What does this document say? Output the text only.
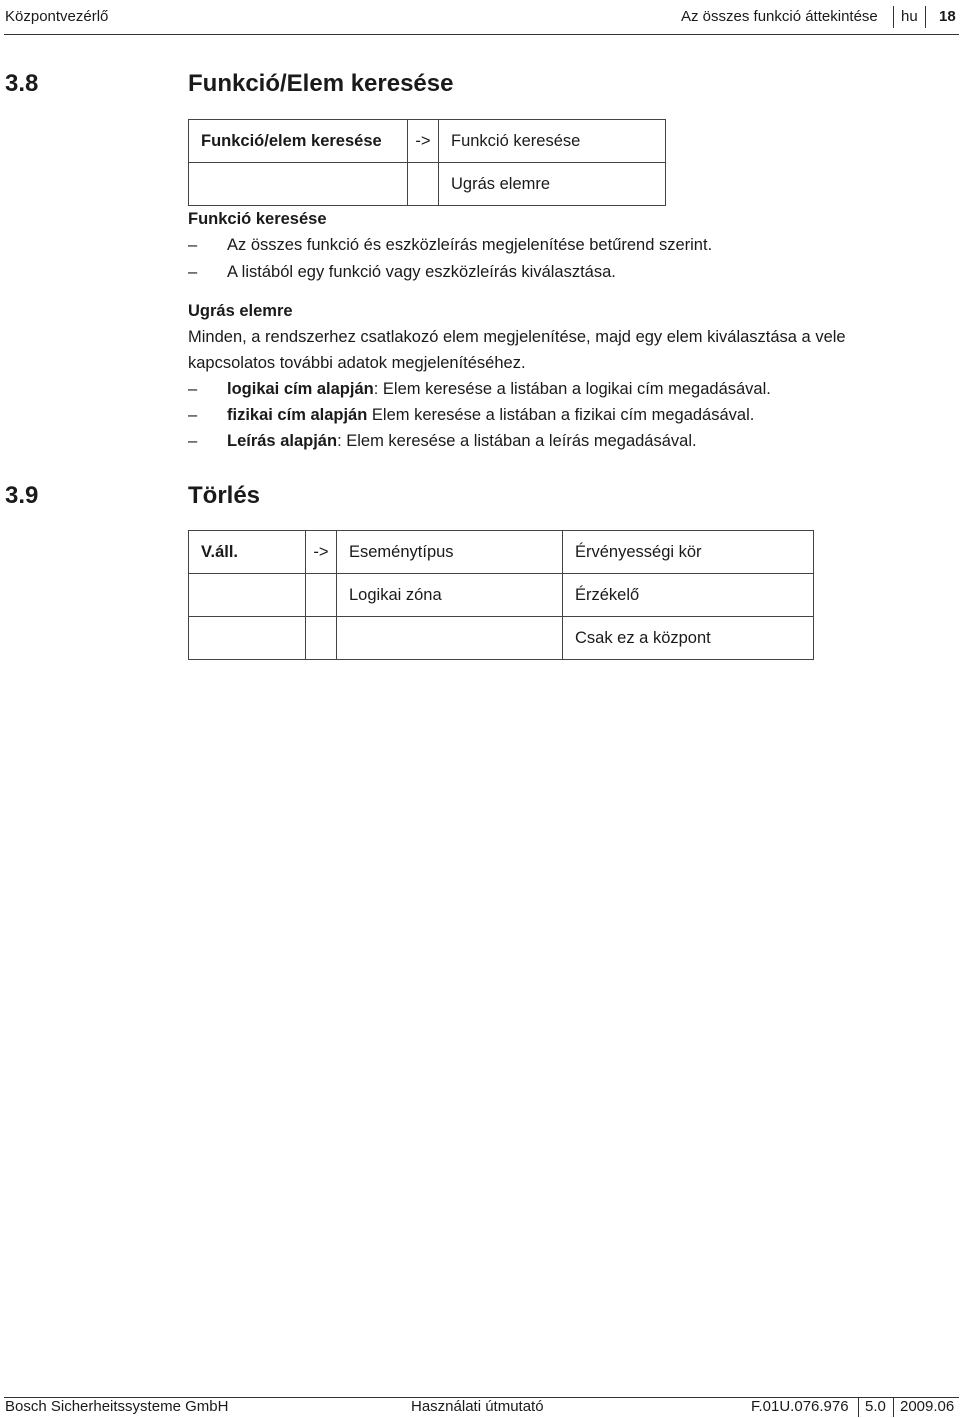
Központvezérlő	Az összes funkció áttekintése hu 18
3.8	Funkció/Elem keresése
Funkció/elem keresése	->	Funkció keresése
		Ugrás elemre
Funkció keresése
– Az összes funkció és eszközleírás megjelenítése betűrend szerint.
– A listából egy funkció vagy eszközleírás kiválasztása.
Ugrás elemre
Minden, a rendszerhez csatlakozó elem megjelenítése, majd egy elem kiválasztása a vele
kapcsolatos további adatok megjelenítéséhez.
– logikai cím alapján: Elem keresése a listában a logikai cím megadásával.
– fizikai cím alapján Elem keresése a listában a fizikai cím megadásával.
– Leírás alapján: Elem keresése a listában a leírás megadásával.
3.9	Törlés
V.áll.	->	Eseménytípus	Érvényességi kör
		Logikai zóna	Érzékelő
			Csak ez a központ
Bosch Sicherheitssysteme GmbH	Használati útmutató	F.01U.076.976 5.0 2009.06
